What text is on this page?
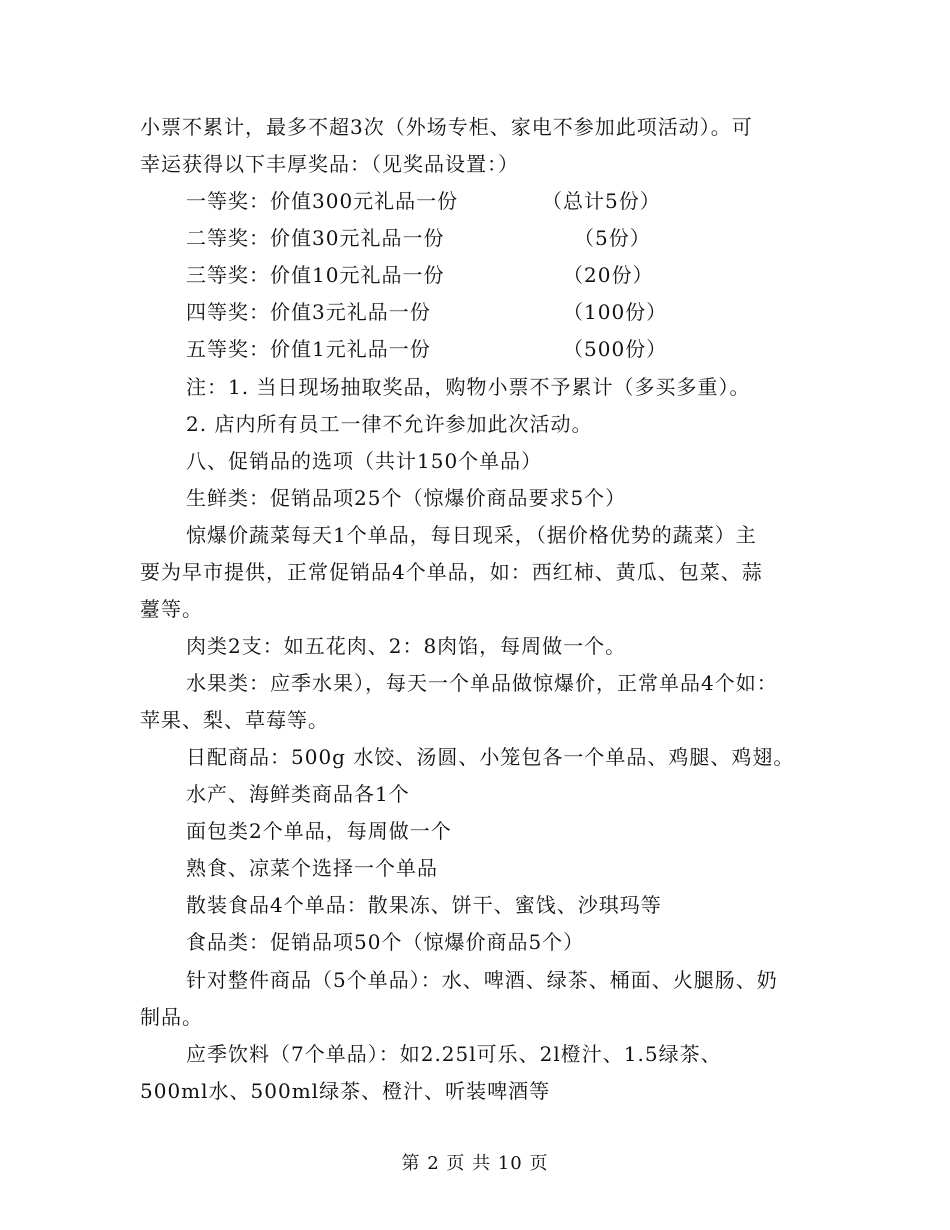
小票不累计，最多不超3次（外场专柜、家电不参加此项活动）。可
幸运获得以下丰厚奖品：（见奖品设置：）
一等奖：价值300元礼品一份	（总计5份）
二等奖：价值30元礼品一份	（5份）
三等奖：价值10元礼品一份	（20份）
四等奖：价值3元礼品一份	（100份）
五等奖：价值1元礼品一份	（500份）
注：1. 当日现场抽取奖品，购物小票不予累计（多买多重）。
2. 店内所有员工一律不允许参加此次活动。
八、促销品的选项（共计150个单品）
生鲜类：促销品项25个（惊爆价商品要求5个）
惊爆价蔬菜每天1个单品，每日现采，（据价格优势的蔬菜）主
要为早市提供，正常促销品4个单品，如：西红柿、黄瓜、包菜、蒜
薹等。
肉类2支：如五花肉、2：8肉馅，每周做一个。
水果类：应季水果），每天一个单品做惊爆价，正常单品4个如：
苹果、梨、草莓等。
日配商品：500g 水饺、汤圆、小笼包各一个单品、鸡腿、鸡翅。
水产、海鲜类商品各1个
面包类2个单品，每周做一个
熟食、凉菜个选择一个单品
散装食品4个单品：散果冻、饼干、蜜饯、沙琪玛等
食品类：促销品项50个（惊爆价商品5个）
针对整件商品（5个单品）：水、啤酒、绿茶、桶面、火腿肠、奶
制品。
应季饮料（7个单品）：如2.25l可乐、2l橙汁、1.5绿茶、
500ml水、500ml绿茶、橙汁、听装啤酒等
第 2 页 共 10 页
